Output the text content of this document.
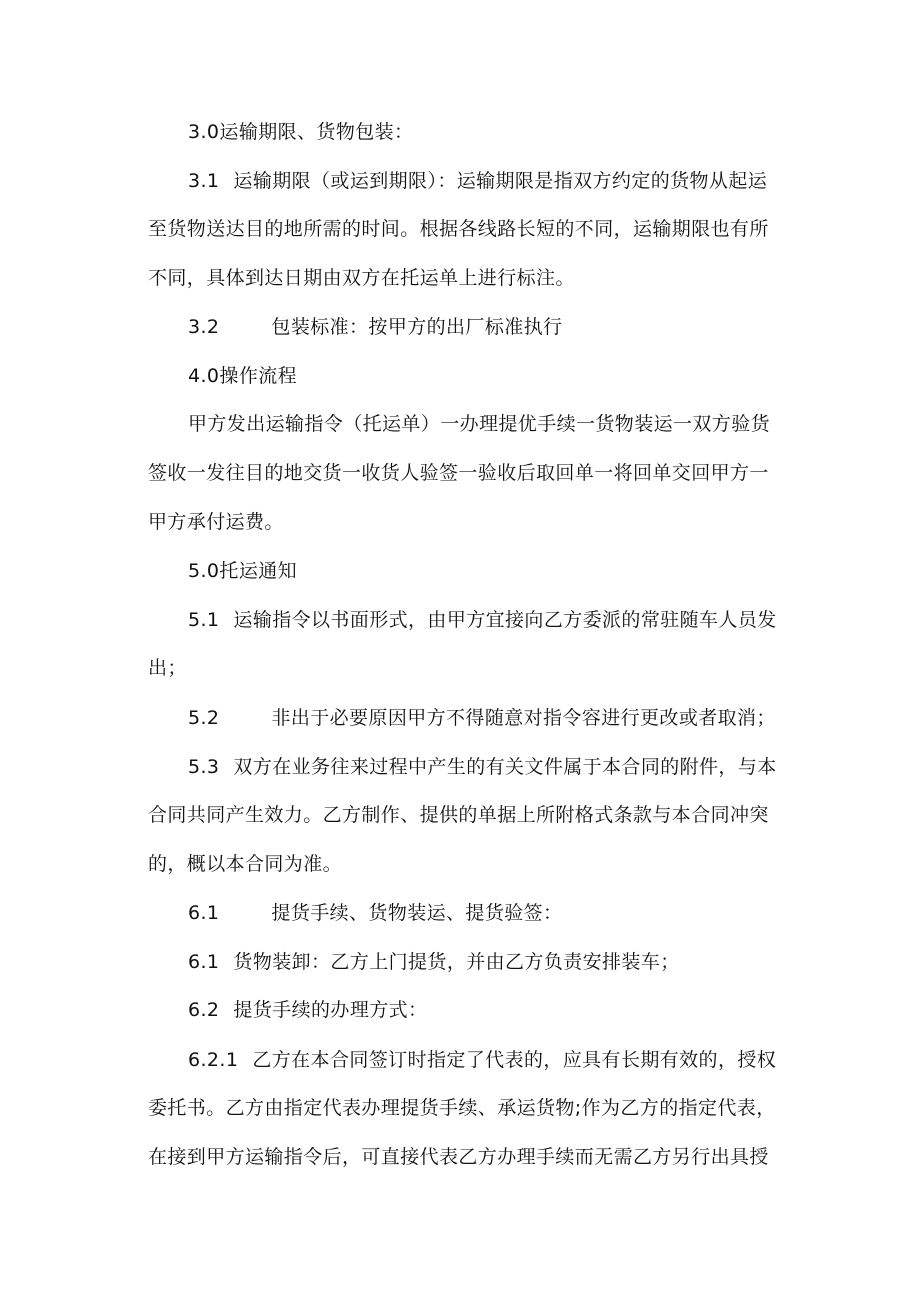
3.0运输期限、货物包装：
3.1 运输期限（或运到期限）：运输期限是指双方约定的货物从起运
至货物送达目的地所需的时间。根据各线路长短的不同，运输期限也有所
不同，具体到达日期由双方在托运单上进行标注。
3.2	包装标准：按甲方的出厂标准执行
4.0操作流程
甲方发出运输指令（托运单）一办理提优手续一货物装运一双方验货
签收一发往目的地交货一收货人验签一验收后取回单一将回单交回甲方一
甲方承付运费。
5.0托运通知
5.1 运输指令以书面形式，由甲方宜接向乙方委派的常驻随车人员发
出；
5.2	非出于必要原因甲方不得随意对指令容进行更改或者取消；
5.3 双方在业务往来过程中产生的有关文件属于本合同的附件，与本
合同共同产生效力。乙方制作、提供的单据上所附格式条款与本合同冲突
的，概以本合同为准。
6.1	提货手续、货物装运、提货验签：
6.1 货物装卸：乙方上门提货，并由乙方负责安排装车；
6.2 提货手续的办理方式：
6.2.1 乙方在本合同签订时指定了代表的，应具有长期有效的，授权
委托书。乙方由指定代表办理提货手续、承运货物;作为乙方的指定代表，
在接到甲方运输指令后，可直接代表乙方办理手续而无需乙方另行出具授
